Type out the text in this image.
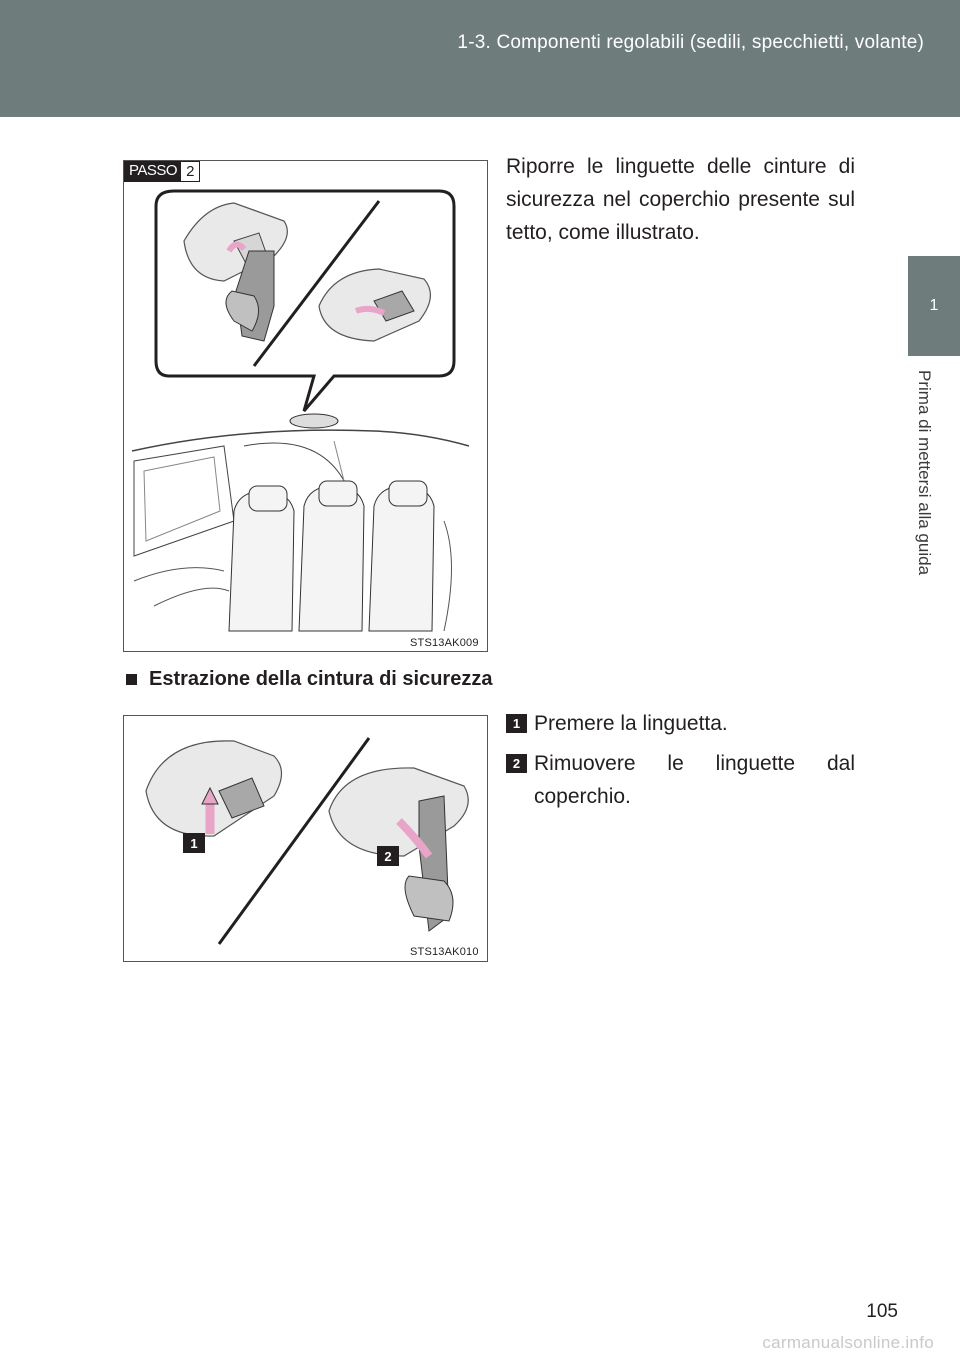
1-3. Componenti regolabili (sedili, specchietti, volante)
1
Prima di mettersi alla guida
PASSO 2
STS13AK009
Riporre le linguette delle cinture di sicurezza nel coperchio presente sul tetto, come illustrato.
Estrazione della cintura di sicurezza
1
2
STS13AK010
1 Premere la linguetta.
2 Rimuovere le linguette dal coperchio.
105
carmanualsonline.info
